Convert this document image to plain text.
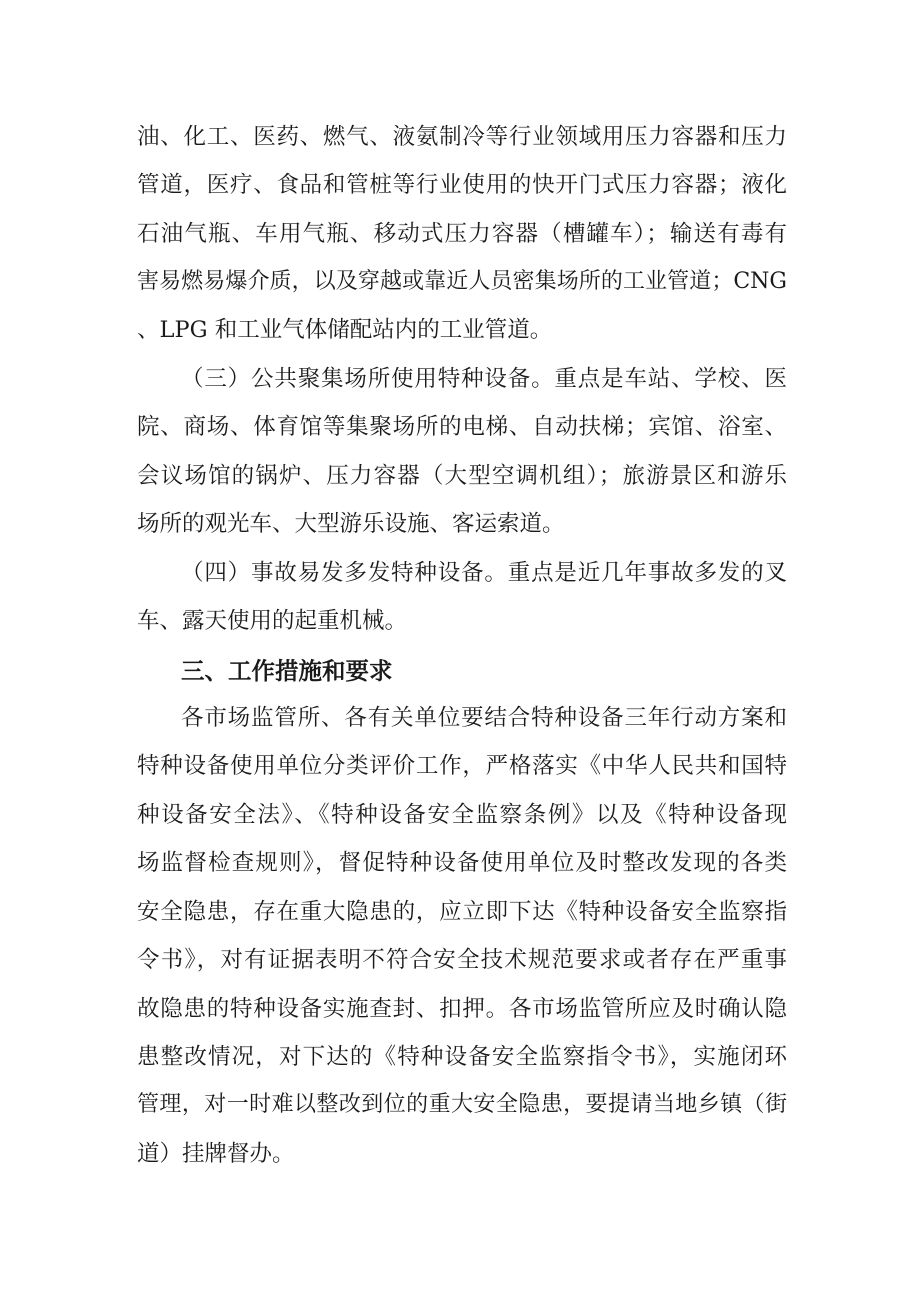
油、化工、医药、燃气、液氨制冷等行业领域用压力容器和压力
管道，医疗、食品和管桩等行业使用的快开门式压力容器；液化
石油气瓶、车用气瓶、移动式压力容器（槽罐车）；输送有毒有
害易燃易爆介质，以及穿越或靠近人员密集场所的工业管道；CNG
、LPG 和工业气体储配站内的工业管道。
（三）公共聚集场所使用特种设备。重点是车站、学校、医
院、商场、体育馆等集聚场所的电梯、自动扶梯；宾馆、浴室、
会议场馆的锅炉、压力容器（大型空调机组）；旅游景区和游乐
场所的观光车、大型游乐设施、客运索道。
（四）事故易发多发特种设备。重点是近几年事故多发的叉
车、露天使用的起重机械。
三、工作措施和要求
各市场监管所、各有关单位要结合特种设备三年行动方案和
特种设备使用单位分类评价工作，严格落实《中华人民共和国特
种设备安全法》、《特种设备安全监察条例》以及《特种设备现
场监督检查规则》，督促特种设备使用单位及时整改发现的各类
安全隐患，存在重大隐患的，应立即下达《特种设备安全监察指
令书》，对有证据表明不符合安全技术规范要求或者存在严重事
故隐患的特种设备实施查封、扣押。各市场监管所应及时确认隐
患整改情况，对下达的《特种设备安全监察指令书》，实施闭环
管理，对一时难以整改到位的重大安全隐患，要提请当地乡镇（街
道）挂牌督办。
